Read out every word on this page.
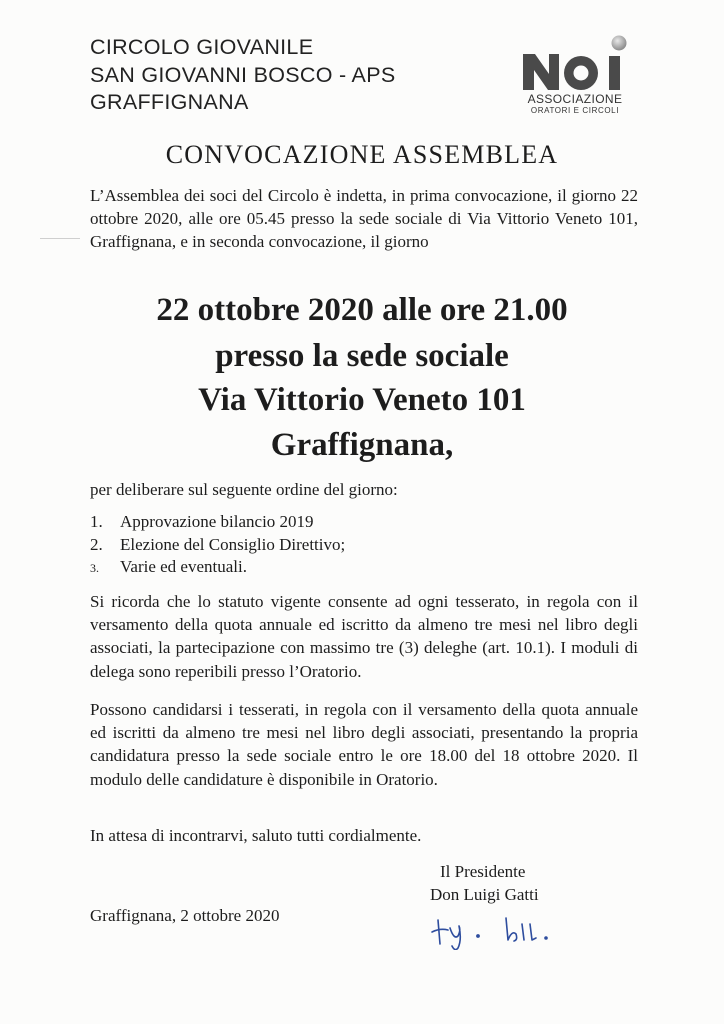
CIRCOLO GIOVANILE
SAN GIOVANNI BOSCO - APS
GRAFFIGNANA	ASSOCIAZIONE
ORATORI E CIRCOLI
CONVOCAZIONE ASSEMBLEA

L’Assemblea dei soci del Circolo è indetta, in prima convocazione, il giorno 22 ottobre 2020, alle ore 05.45 presso la sede sociale di Via Vittorio Veneto 101, Graffignana, e in seconda convocazione, il giorno

22 ottobre 2020 alle ore 21.00
presso la sede sociale
Via Vittorio Veneto 101
Graffignana,
per deliberare sul seguente ordine del giorno:
1. Approvazione bilancio 2019
2. Elezione del Consiglio Direttivo;
3. Varie ed eventuali.

Si ricorda che lo statuto vigente consente ad ogni tesserato, in regola con il versamento della quota annuale ed iscritto da almeno tre mesi nel libro degli associati, la partecipazione con massimo tre (3) deleghe (art. 10.1). I moduli di delega sono reperibili presso l’Oratorio.

Possono candidarsi i tesserati, in regola con il versamento della quota annuale ed iscritti da almeno tre mesi nel libro degli associati, presentando la propria candidatura presso la sede sociale entro le ore 18.00 del 18 ottobre 2020. Il modulo delle candidature è disponibile in Oratorio.

In attesa di incontrarvi, saluto tutti cordialmente.
Il Presidente
Don Luigi Gatti
Graffignana, 2 ottobre 2020
